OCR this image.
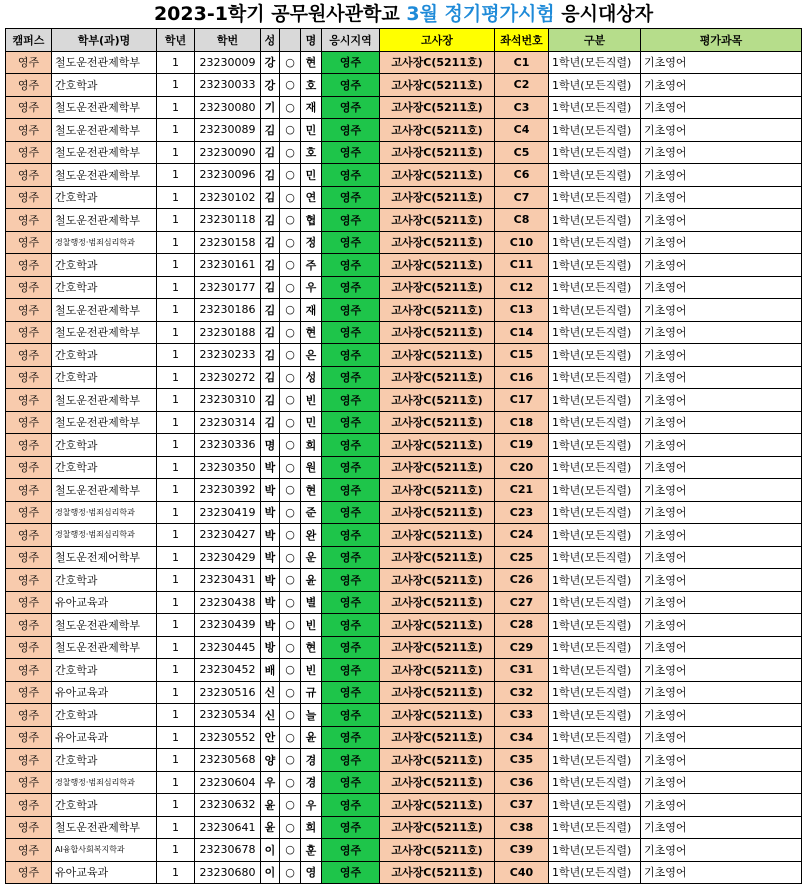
2023-1학기 공무원사관학교 3월 정기평가시험 응시대상자
캠퍼스	학부(과)명	학년	학번	성		명	응시지역	고사장	좌석번호	구분	평가과목
영주	철도운전관제학부	1	23230009	강	○	현	영주	고사장C(5211호)	C1	1학년(모든직렬)	기초영어
영주	간호학과	1	23230033	강	○	호	영주	고사장C(5211호)	C2	1학년(모든직렬)	기초영어
영주	철도운전관제학부	1	23230080	기	○	재	영주	고사장C(5211호)	C3	1학년(모든직렬)	기초영어
영주	철도운전관제학부	1	23230089	김	○	민	영주	고사장C(5211호)	C4	1학년(모든직렬)	기초영어
영주	철도운전관제학부	1	23230090	김	○	호	영주	고사장C(5211호)	C5	1학년(모든직렬)	기초영어
영주	철도운전관제학부	1	23230096	김	○	민	영주	고사장C(5211호)	C6	1학년(모든직렬)	기초영어
영주	간호학과	1	23230102	김	○	연	영주	고사장C(5211호)	C7	1학년(모든직렬)	기초영어
영주	철도운전관제학부	1	23230118	김	○	협	영주	고사장C(5211호)	C8	1학년(모든직렬)	기초영어
영주	경찰행정·범죄심리학과	1	23230158	김	○	정	영주	고사장C(5211호)	C10	1학년(모든직렬)	기초영어
영주	간호학과	1	23230161	김	○	주	영주	고사장C(5211호)	C11	1학년(모든직렬)	기초영어
영주	간호학과	1	23230177	김	○	우	영주	고사장C(5211호)	C12	1학년(모든직렬)	기초영어
영주	철도운전관제학부	1	23230186	김	○	재	영주	고사장C(5211호)	C13	1학년(모든직렬)	기초영어
영주	철도운전관제학부	1	23230188	김	○	현	영주	고사장C(5211호)	C14	1학년(모든직렬)	기초영어
영주	간호학과	1	23230233	김	○	은	영주	고사장C(5211호)	C15	1학년(모든직렬)	기초영어
영주	간호학과	1	23230272	김	○	성	영주	고사장C(5211호)	C16	1학년(모든직렬)	기초영어
영주	철도운전관제학부	1	23230310	김	○	빈	영주	고사장C(5211호)	C17	1학년(모든직렬)	기초영어
영주	철도운전관제학부	1	23230314	김	○	민	영주	고사장C(5211호)	C18	1학년(모든직렬)	기초영어
영주	간호학과	1	23230336	명	○	희	영주	고사장C(5211호)	C19	1학년(모든직렬)	기초영어
영주	간호학과	1	23230350	박	○	원	영주	고사장C(5211호)	C20	1학년(모든직렬)	기초영어
영주	철도운전관제학부	1	23230392	박	○	현	영주	고사장C(5211호)	C21	1학년(모든직렬)	기초영어
영주	경찰행정·범죄심리학과	1	23230419	박	○	준	영주	고사장C(5211호)	C23	1학년(모든직렬)	기초영어
영주	경찰행정·범죄심리학과	1	23230427	박	○	완	영주	고사장C(5211호)	C24	1학년(모든직렬)	기초영어
영주	철도운전제어학부	1	23230429	박	○	운	영주	고사장C(5211호)	C25	1학년(모든직렬)	기초영어
영주	간호학과	1	23230431	박	○	윤	영주	고사장C(5211호)	C26	1학년(모든직렬)	기초영어
영주	유아교육과	1	23230438	박	○	별	영주	고사장C(5211호)	C27	1학년(모든직렬)	기초영어
영주	철도운전관제학부	1	23230439	박	○	빈	영주	고사장C(5211호)	C28	1학년(모든직렬)	기초영어
영주	철도운전관제학부	1	23230445	방	○	현	영주	고사장C(5211호)	C29	1학년(모든직렬)	기초영어
영주	간호학과	1	23230452	배	○	빈	영주	고사장C(5211호)	C31	1학년(모든직렬)	기초영어
영주	유아교육과	1	23230516	신	○	규	영주	고사장C(5211호)	C32	1학년(모든직렬)	기초영어
영주	간호학과	1	23230534	신	○	늘	영주	고사장C(5211호)	C33	1학년(모든직렬)	기초영어
영주	유아교육과	1	23230552	안	○	윤	영주	고사장C(5211호)	C34	1학년(모든직렬)	기초영어
영주	간호학과	1	23230568	양	○	경	영주	고사장C(5211호)	C35	1학년(모든직렬)	기초영어
영주	경찰행정·범죄심리학과	1	23230604	우	○	경	영주	고사장C(5211호)	C36	1학년(모든직렬)	기초영어
영주	간호학과	1	23230632	윤	○	우	영주	고사장C(5211호)	C37	1학년(모든직렬)	기초영어
영주	철도운전관제학부	1	23230641	윤	○	희	영주	고사장C(5211호)	C38	1학년(모든직렬)	기초영어
영주	AI융합사회복지학과	1	23230678	이	○	훈	영주	고사장C(5211호)	C39	1학년(모든직렬)	기초영어
영주	유아교육과	1	23230680	이	○	영	영주	고사장C(5211호)	C40	1학년(모든직렬)	기초영어
